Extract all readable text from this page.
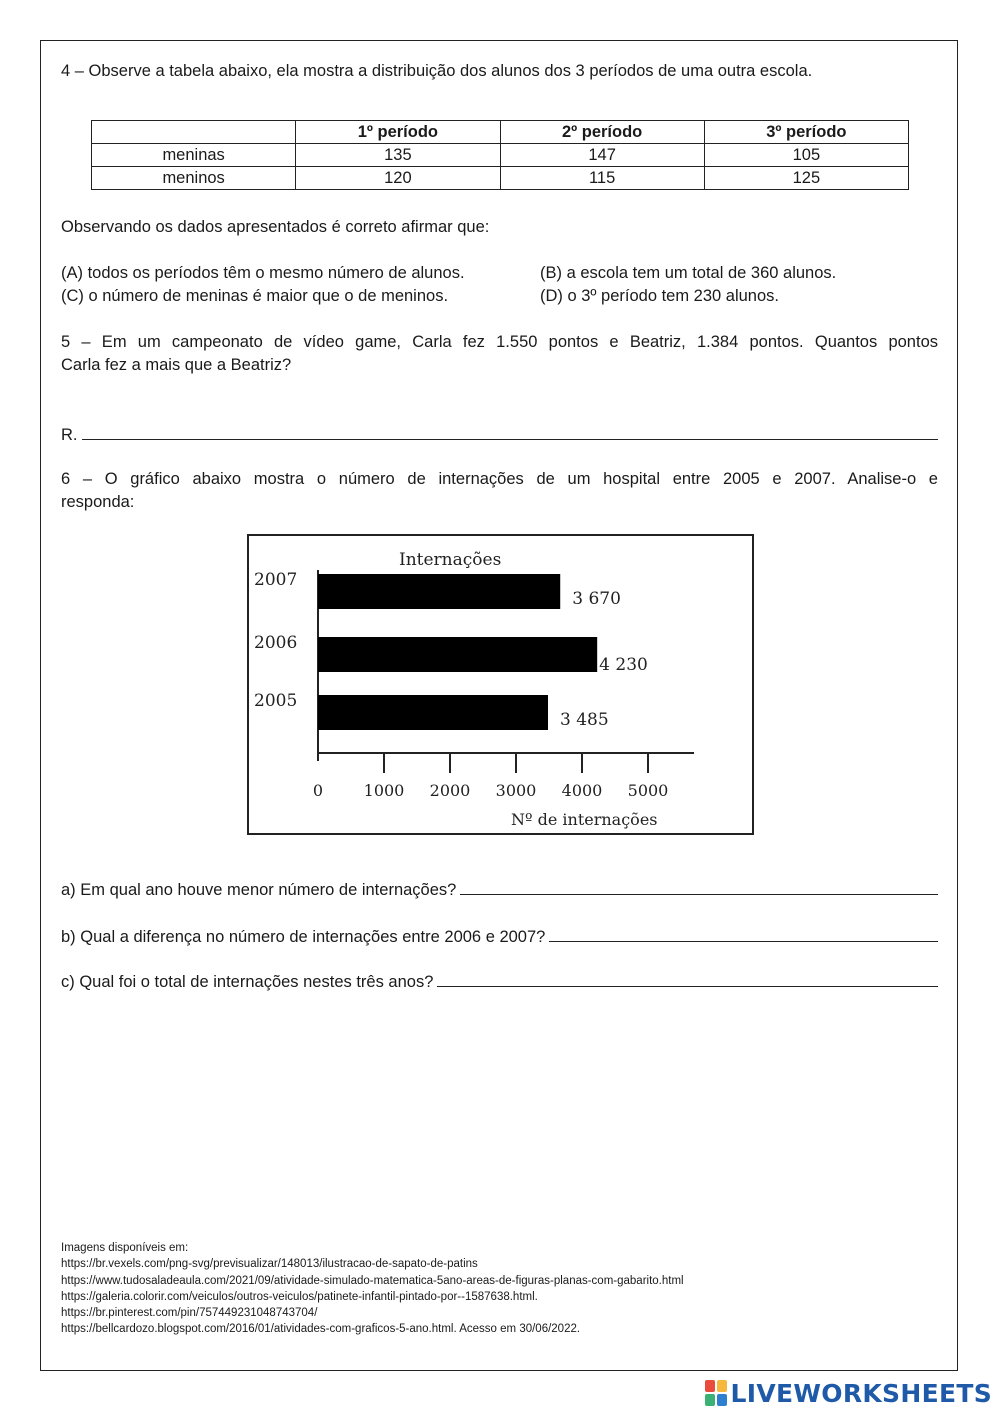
4 – Observe a tabela abaixo, ela mostra a distribuição dos alunos dos 3 períodos de uma outra escola.
	1º período	2º período	3º período
meninas	135	147	105
meninos	120	115	125
Observando os dados apresentados é correto afirmar que:
(A) todos os períodos têm o mesmo número de alunos.	(B) a escola tem um total de 360 alunos.
(C) o número de meninas é maior que o de meninos.	(D) o 3º período tem 230 alunos.
5 – Em um campeonato de vídeo game, Carla fez 1.550 pontos e Beatriz, 1.384 pontos. Quantos pontos
Carla fez a mais que a Beatriz?
R.
6 – O gráfico abaixo mostra o número de internações de um hospital entre 2005 e 2007. Analise-o e
responda:
Internações
2007
3 670
2006
4 230
2005
3 485
0	1000 2000 3000 4000 5000
Nº de internações
a) Em qual ano houve menor número de internações?
b) Qual a diferença no número de internações entre 2006 e 2007?
c) Qual foi o total de internações nestes três anos?
Imagens disponíveis em:
https://br.vexels.com/png-svg/previsualizar/148013/ilustracao-de-sapato-de-patins
https://www.tudosaladeaula.com/2021/09/atividade-simulado-matematica-5ano-areas-de-figuras-planas-com-gabarito.html
https://galeria.colorir.com/veiculos/outros-veiculos/patinete-infantil-pintado-por--1587638.html.
https://br.pinterest.com/pin/757449231048743704/
https://bellcardozo.blogspot.com/2016/01/atividades-com-graficos-5-ano.html. Acesso em 30/06/2022.
LIVEWORKSHEETS
